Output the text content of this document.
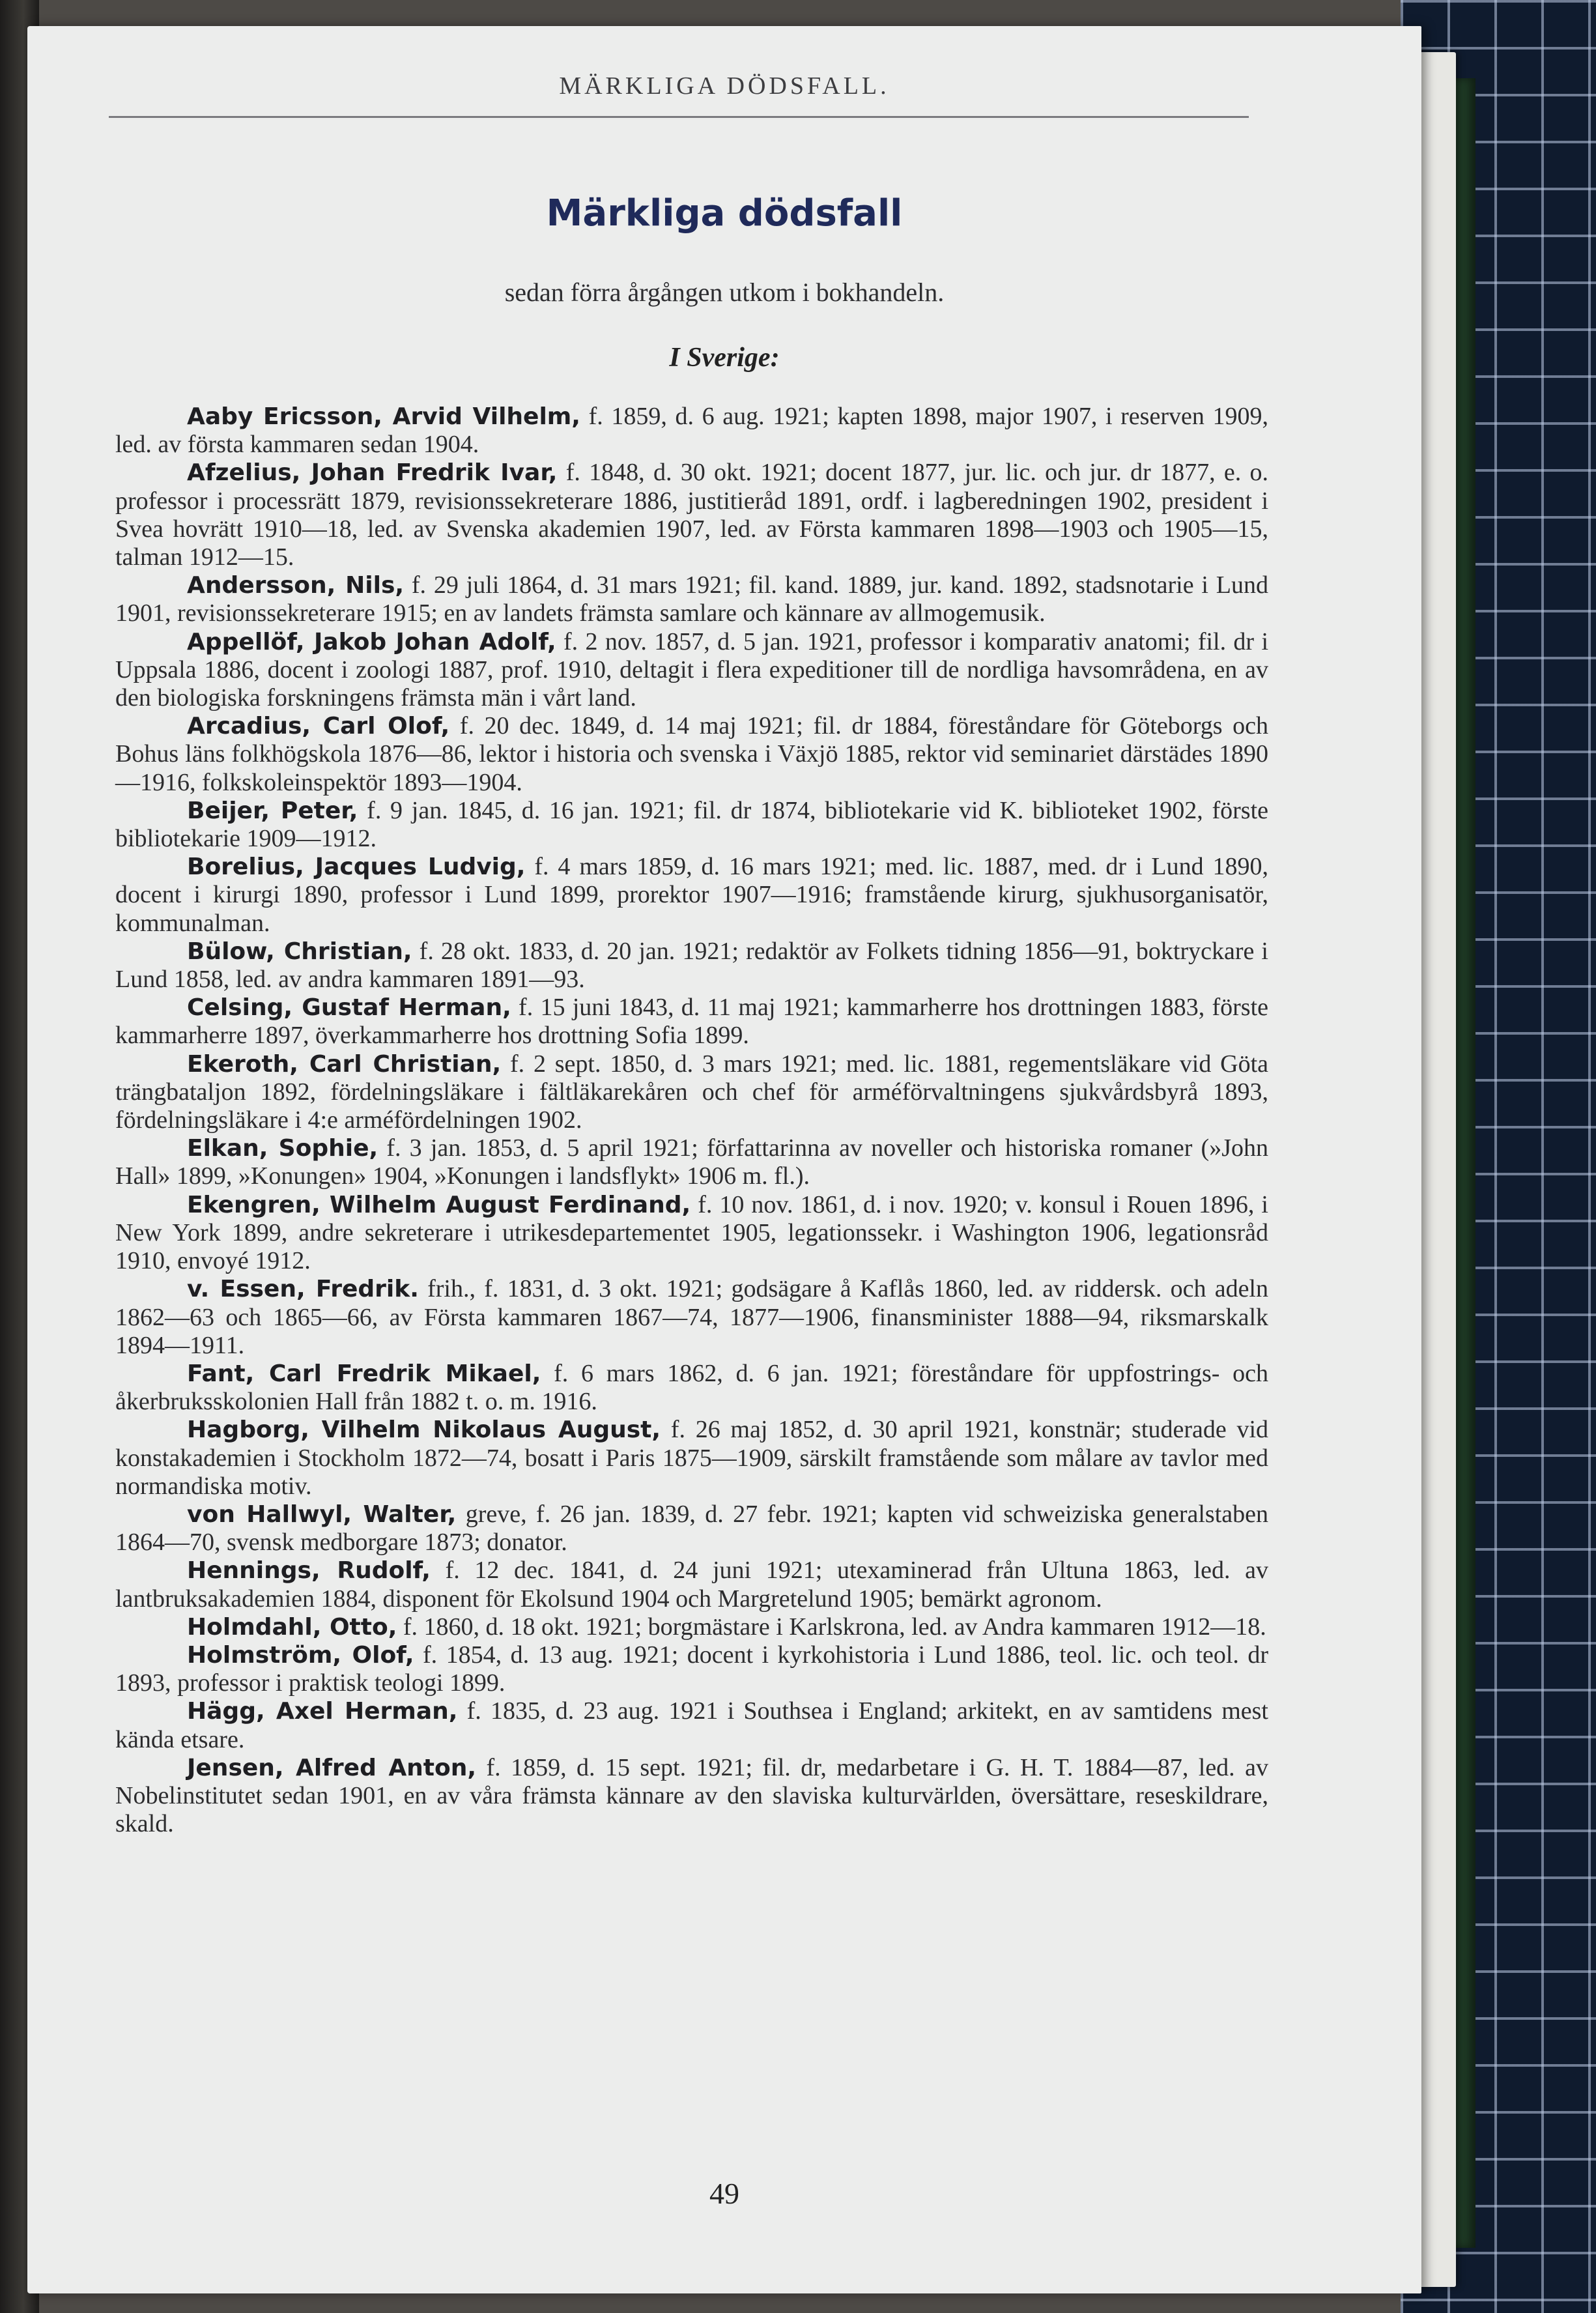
MÄRKLIGA DÖDSFALL.
Märkliga dödsfall
sedan förra årgången utkom i bokhandeln.
I Sverige:

Aaby Ericsson, Arvid Vilhelm, f. 1859, d. 6 aug. 1921; kapten 1898, major 1907, i reserven 1909, led. av första kammaren sedan 1904.

Afzelius, Johan Fredrik Ivar, f. 1848, d. 30 okt. 1921; docent 1877, jur. lic. och jur. dr 1877, e. o. professor i processrätt 1879, revisionssekreterare 1886, justitieråd 1891, ordf. i lagberedningen 1902, president i Svea hovrätt 1910—18, led. av Svenska akademien 1907, led. av Första kammaren 1898—1903 och 1905—15, talman 1912—15.

Andersson, Nils, f. 29 juli 1864, d. 31 mars 1921; fil. kand. 1889, jur. kand. 1892, stadsnotarie i Lund 1901, revisionssekreterare 1915; en av landets främsta samlare och kännare av allmogemusik.

Appellöf, Jakob Johan Adolf, f. 2 nov. 1857, d. 5 jan. 1921, professor i komparativ anatomi; fil. dr i Uppsala 1886, docent i zoologi 1887, prof. 1910, deltagit i flera expeditioner till de nordliga havsområdena, en av den biologiska forskningens främsta män i vårt land.

Arcadius, Carl Olof, f. 20 dec. 1849, d. 14 maj 1921; fil. dr 1884, föreståndare för Göteborgs och Bohus läns folkhögskola 1876—86, lektor i historia och svenska i Växjö 1885, rektor vid seminariet därstädes 1890—1916, folkskoleinspektör 1893—1904.

Beijer, Peter, f. 9 jan. 1845, d. 16 jan. 1921; fil. dr 1874, bibliotekarie vid K. biblioteket 1902, förste bibliotekarie 1909—1912.

Borelius, Jacques Ludvig, f. 4 mars 1859, d. 16 mars 1921; med. lic. 1887, med. dr i Lund 1890, docent i kirurgi 1890, professor i Lund 1899, prorektor 1907—1916; framstående kirurg, sjukhusorganisatör, kommunalman.

Bülow, Christian, f. 28 okt. 1833, d. 20 jan. 1921; redaktör av Folkets tidning 1856—91, boktryckare i Lund 1858, led. av andra kammaren 1891—93.

Celsing, Gustaf Herman, f. 15 juni 1843, d. 11 maj 1921; kammarherre hos drottningen 1883, förste kammarherre 1897, överkammarherre hos drottning Sofia 1899.

Ekeroth, Carl Christian, f. 2 sept. 1850, d. 3 mars 1921; med. lic. 1881, regementsläkare vid Göta trängbataljon 1892, fördelningsläkare i fältläkarekåren och chef för arméförvaltningens sjukvårdsbyrå 1893, fördelningsläkare i 4:e arméfördelningen 1902.

Elkan, Sophie, f. 3 jan. 1853, d. 5 april 1921; författarinna av noveller och historiska romaner (»John Hall» 1899, »Konungen» 1904, »Konungen i landsflykt» 1906 m. fl.).

Ekengren, Wilhelm August Ferdinand, f. 10 nov. 1861, d. i nov. 1920; v. konsul i Rouen 1896, i New York 1899, andre sekreterare i utrikesdepartementet 1905, legationssekr. i Washington 1906, legationsråd 1910, envoyé 1912.

v. Essen, Fredrik. frih., f. 1831, d. 3 okt. 1921; godsägare å Kaflås 1860, led. av riddersk. och adeln 1862—63 och 1865—66, av Första kammaren 1867—74, 1877—1906, finansminister 1888—94, riksmarskalk 1894—1911.

Fant, Carl Fredrik Mikael, f. 6 mars 1862, d. 6 jan. 1921; föreståndare för uppfostrings- och åkerbruksskolonien Hall från 1882 t. o. m. 1916.

Hagborg, Vilhelm Nikolaus August, f. 26 maj 1852, d. 30 april 1921, konstnär; studerade vid konstakademien i Stockholm 1872—74, bosatt i Paris 1875—1909, särskilt framstående som målare av tavlor med normandiska motiv.

von Hallwyl, Walter, greve, f. 26 jan. 1839, d. 27 febr. 1921; kapten vid schweiziska generalstaben 1864—70, svensk medborgare 1873; donator.

Hennings, Rudolf, f. 12 dec. 1841, d. 24 juni 1921; utexaminerad från Ultuna 1863, led. av lantbruksakademien 1884, disponent för Ekolsund 1904 och Margretelund 1905; bemärkt agronom.

Holmdahl, Otto, f. 1860, d. 18 okt. 1921; borgmästare i Karlskrona, led. av Andra kammaren 1912—18.

Holmström, Olof, f. 1854, d. 13 aug. 1921; docent i kyrkohistoria i Lund 1886, teol. lic. och teol. dr 1893, professor i praktisk teologi 1899.

Hägg, Axel Herman, f. 1835, d. 23 aug. 1921 i Southsea i England; arkitekt, en av samtidens mest kända etsare.

Jensen, Alfred Anton, f. 1859, d. 15 sept. 1921; fil. dr, medarbetare i G. H. T. 1884—87, led. av Nobelinstitutet sedan 1901, en av våra främsta kännare av den slaviska kulturvärlden, översättare, reseskildrare, skald.

49
